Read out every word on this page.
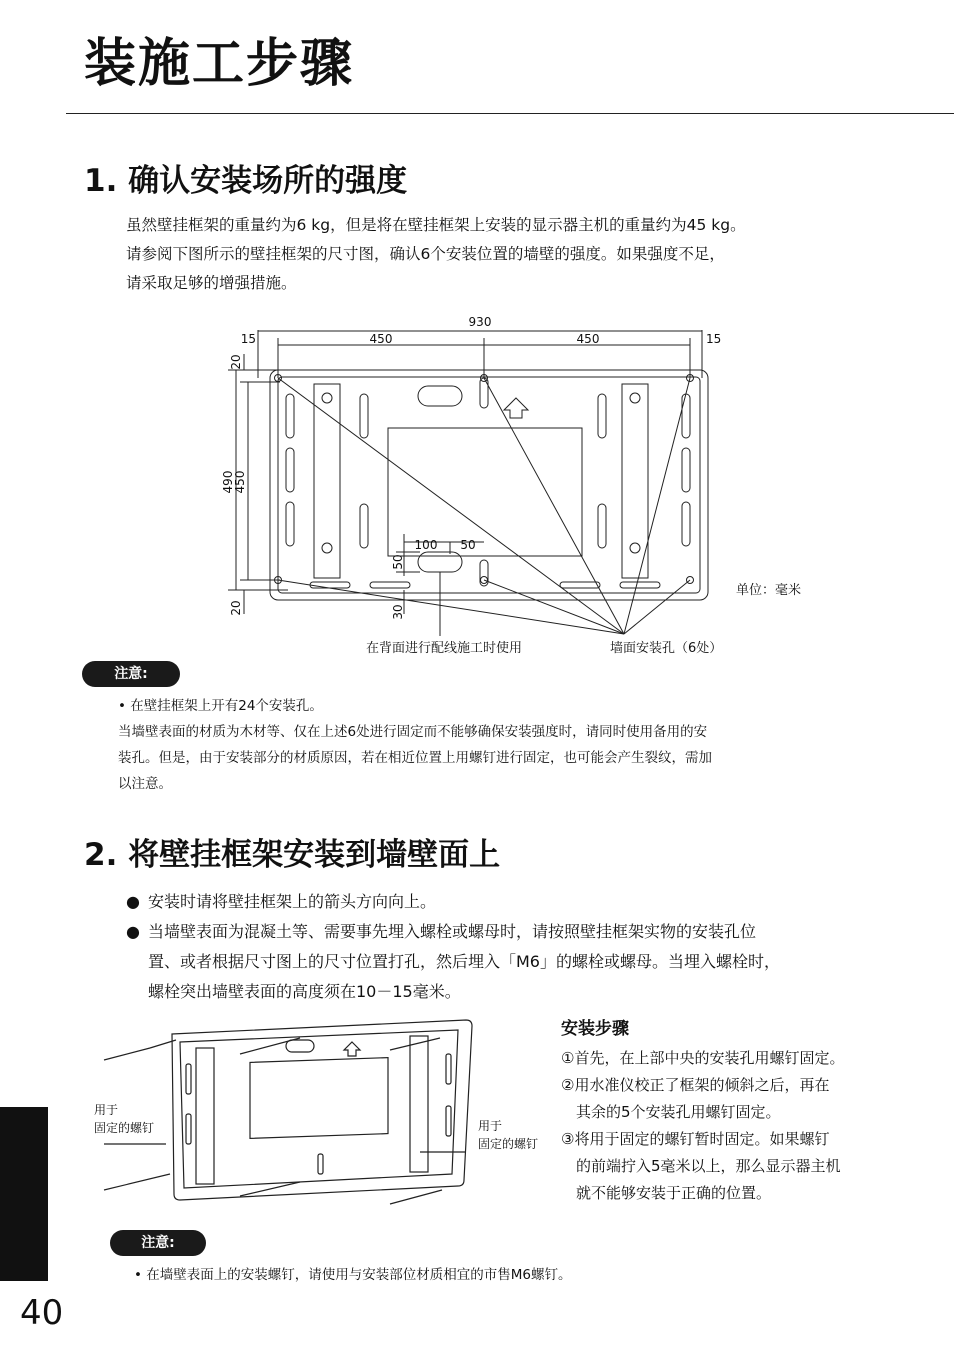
装施工步骤
1. 确认安装场所的强度
虽然壁挂框架的重量约为6 kg，但是将在壁挂框架上安装的显示器主机的重量约为45 kg。
请参阅下图所示的壁挂框架的尺寸图，确认6个安装位置的墙壁的强度。如果强度不足，
请采取足够的增强措施。
930
15	450	450	15
20
490
450
20	30
50
100 50
单位：毫米
在背面进行配线施工时使用	墙面安装孔（6处）
注意:
• 在壁挂框架上开有24个安装孔。
当墙壁表面的材质为木材等、仅在上述6处进行固定而不能够确保安装强度时，请同时使用备用的安
装孔。但是，由于安装部分的材质原因，若在相近位置上用螺钉进行固定，也可能会产生裂纹，需加
以注意。
2. 将壁挂框架安装到墙壁面上
● 安装时请将壁挂框架上的箭头方向向上。
● 当墙壁表面为混凝土等、需要事先埋入螺栓或螺母时，请按照壁挂框架实物的安装孔位
置、或者根据尺寸图上的尺寸位置打孔，然后埋入「M6」的螺栓或螺母。当埋入螺栓时，
螺栓突出墙壁表面的高度须在10－15毫米。
用于
固定的螺钉	用于
固定的螺钉
安装步骤
①首先，在上部中央的安装孔用螺钉固定。
②用水准仪校正了框架的倾斜之后，再在
　其余的5个安装孔用螺钉固定。
③将用于固定的螺钉暂时固定。如果螺钉
　的前端拧入5毫米以上，那么显示器主机
　就不能够安装于正确的位置。
注意:
• 在墙壁表面上的安装螺钉，请使用与安装部位材质相宜的市售M6螺钉。
40
